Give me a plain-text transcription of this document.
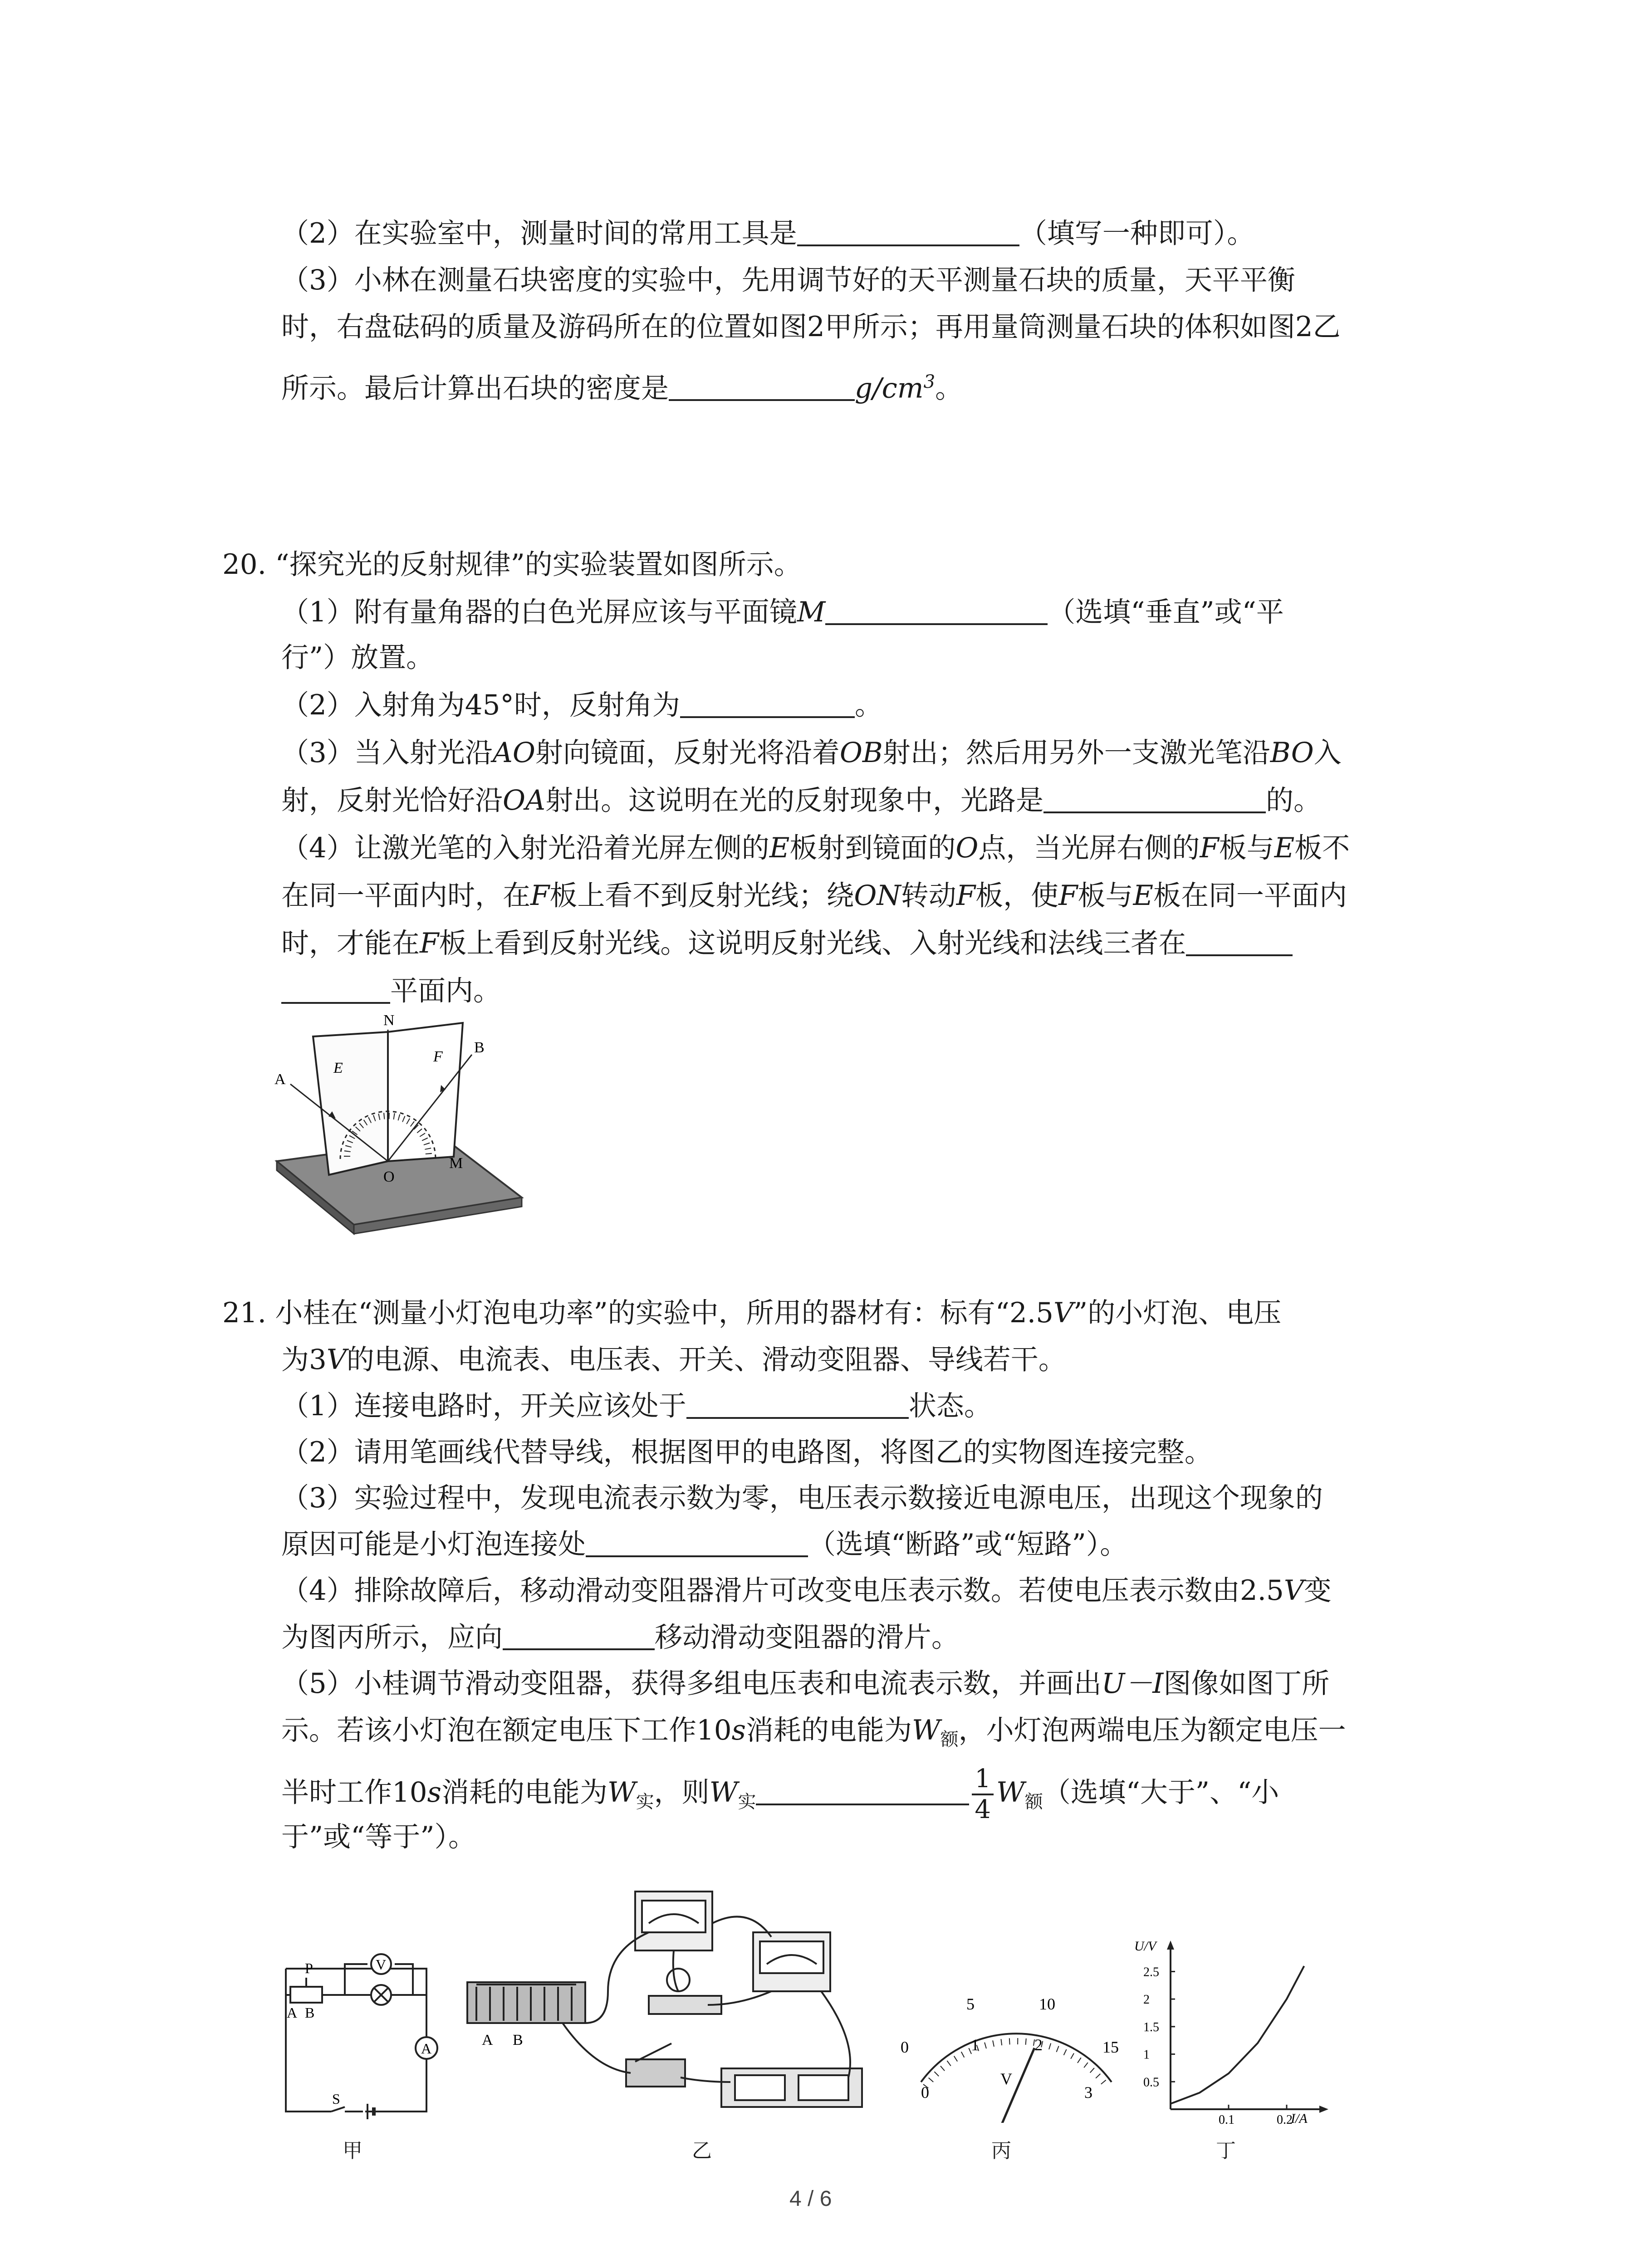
（2）在实验室中，测量时间的常用工具是	（填写一种即可）。
（3）小林在测量石块密度的实验中，先用调节好的天平测量石块的质量，天平平衡
时，右盘砝码的质量及游码所在的位置如图2甲所示；再用量筒测量石块的体积如图2乙
所示。最后计算出石块的密度是	$g/cm^3$。
20. “探究光的反射规律”的实验装置如图所示。
（1）附有量角器的白色光屏应该与平面镜M	（选填“垂直”或“平
行”）放置。
（2）入射角为45°时，反射角为	。
（3）当入射光沿AO射向镜面，反射光将沿着OB射出；然后用另外一支激光笔沿BO入
射，反射光恰好沿OA射出。这说明在光的反射现象中，光路是	的。
（4）让激光笔的入射光沿着光屏左侧的E板射到镜面的O点，当光屏右侧的F板与E板不
在同一平面内时，在F板上看不到反射光线；绕ON转动F板，使F板与E板在同一平面内
时，才能在F板上看到反射光线。这说明反射光线、入射光线和法线三者在
平面内。
N
E
F
A
B
O
M
21. 小桂在“测量小灯泡电功率”的实验中，所用的器材有：标有“2.5V”的小灯泡、电压
为3V的电源、电流表、电压表、开关、滑动变阻器、导线若干。
（1）连接电路时，开关应该处于	状态。
（2）请用笔画线代替导线，根据图甲的电路图，将图乙的实物图连接完整。
（3）实验过程中，发现电流表示数为零，电压表示数接近电源电压，出现这个现象的
原因可能是小灯泡连接处	（选填“断路”或“短路”）。
（4）排除故障后，移动滑动变阻器滑片可改变电压表示数。若使电压表示数由2.5V变
为图丙所示，应向	移动滑动变阻器的滑片。
（5）小桂调节滑动变阻器，获得多组电压表和电流表示数，并画出U－I图像如图丁所
示。若该小灯泡在额定电压下工作10s消耗的电能为$W_额$，小灯泡两端电压为额定电压一
半时工作10s消耗的电能为$W_实$，则$W_实$	$\frac{1}{4} W_额$（选填“大于”、“小
于”或“等于”）。
P
A B
V
A
S
甲
A B
乙
5	10
0	15
0
1	2
3
V
丙
U/V
I/A
0.5
1
1.5
2
2.5
0.1	0.2
丁
4 / 6
